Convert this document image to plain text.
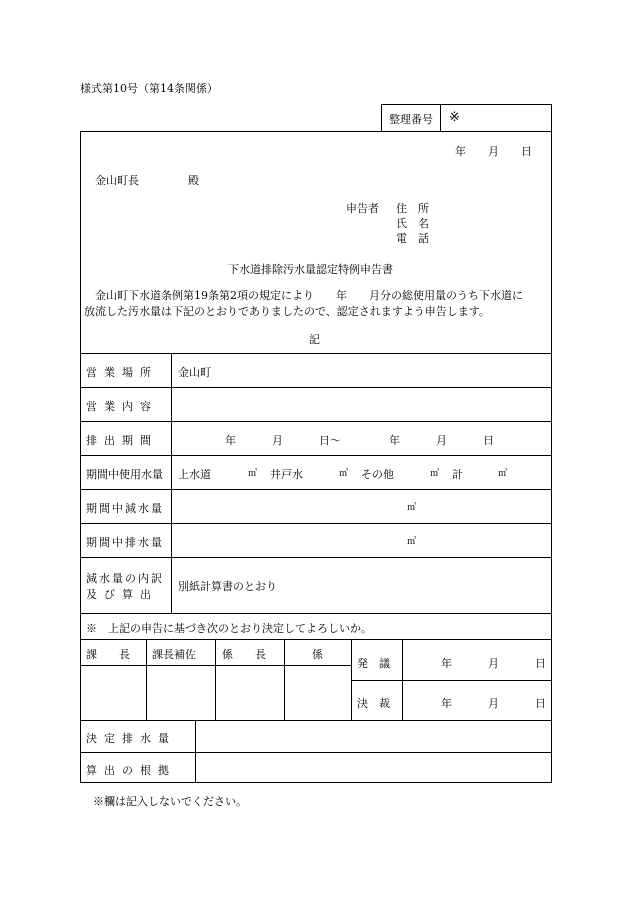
様式第10号（第14条関係）
整理番号 ※
年 月 日
金山町長	殿
申告者 住　所
氏　名
電　話
下水道排除汚水量認定特例申告書
金山町下水道条例第19条第2項の規定により　　年　　月分の総使用量のうち下水道に
放流した汚水量は下記のとおりでありましたので、認定されますよう申告します。
記
営業場所 金山町
営業内容
排出期間	年	月	日〜	年	月	日
期間中使用水量 上水道	㎥ 井戸水	㎥ その他	㎥ 計	㎥
期間中減水量	㎥
期間中排水量	㎥
減水量の内訳
及び算出
別紙計算書のとおり
※　上記の申告に基づき次のとおり決定してよろしいか。
課　　長 課長補佐 係　　長	係
発　議	年	月	日
決　裁	年	月	日
決定排水量
算出の根拠
※欄は記入しないでください。
